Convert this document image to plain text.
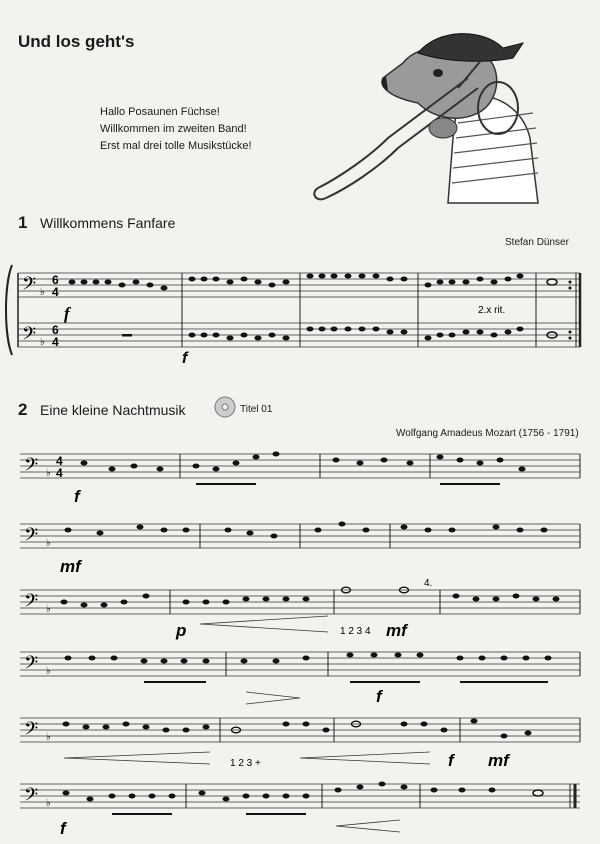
Und los geht's
Hallo Posaunen Füchse!
Willkommen im zweiten Band!
Erst mal drei tolle Musikstücke!
1 Willkommens Fanfare
Stefan Dünser
𝄢
𝄢
♭
♭
6
4
6
4
f
f
2.x rit.
2 Eine kleine Nachtmusik	Titel 01
Wolfgang Amadeus Mozart (1756 - 1791)
𝄢 ♭
4
4
f
𝄢 ♭
mf
𝄢 ♭
4.
p	1 2 3 4 mf
𝄢 ♭
f
𝄢 ♭
1 2 3 +	f mf
𝄢 ♭
f
